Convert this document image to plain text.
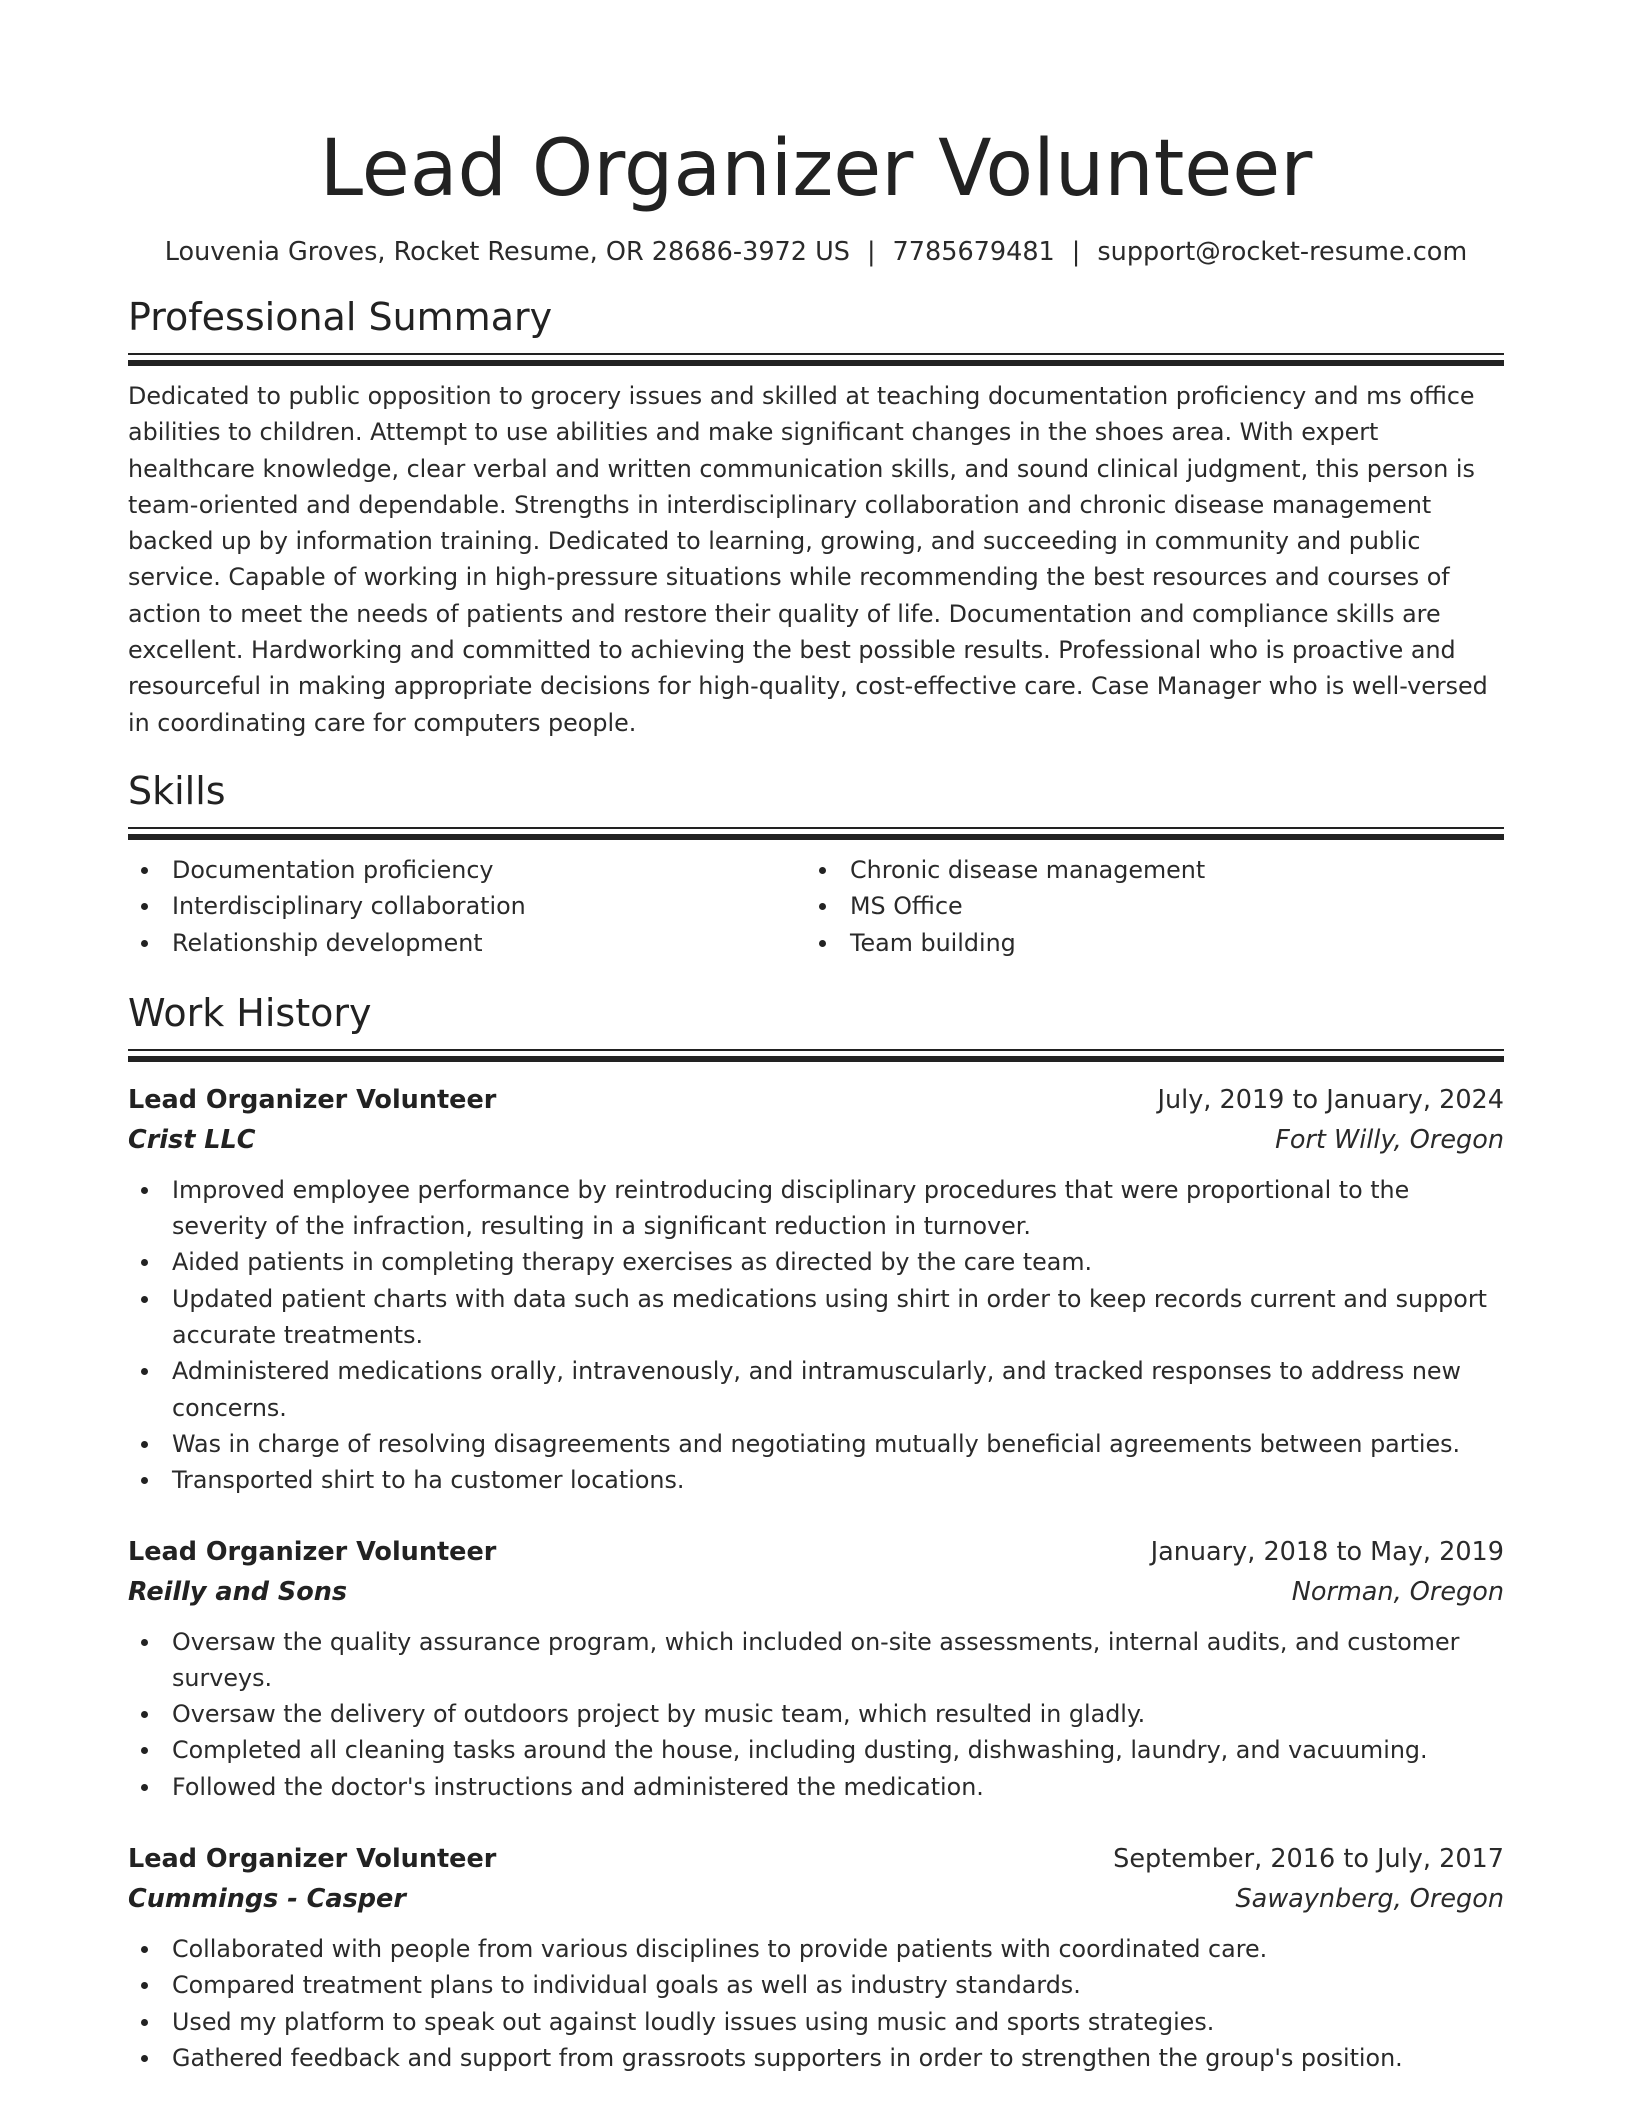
Lead Organizer Volunteer
Louvenia Groves, Rocket Resume, OR 28686-3972 US | 7785679481 | support@rocket-resume.com
Professional Summary

Dedicated to public opposition to grocery issues and skilled at teaching documentation proficiency and ms office abilities to children. Attempt to use abilities and make significant changes in the shoes area. With expert healthcare knowledge, clear verbal and written communication skills, and sound clinical judgment, this person is team-oriented and dependable. Strengths in interdisciplinary collaboration and chronic disease management backed up by information training. Dedicated to learning, growing, and succeeding in community and public service. Capable of working in high-pressure situations while recommending the best resources and courses of action to meet the needs of patients and restore their quality of life. Documentation and compliance skills are excellent. Hardworking and committed to achieving the best possible results. Professional who is proactive and resourceful in making appropriate decisions for high-quality, cost-effective care. Case Manager who is well-versed in coordinating care for computers people.

Skills
Documentation proficiency
Interdisciplinary collaboration
Relationship development
Chronic disease management
MS Office
Team building
Work History
Lead Organizer Volunteer	July, 2019 to January, 2024
Crist LLC	Fort Willy, Oregon
Improved employee performance by reintroducing disciplinary procedures that were proportional to the severity of the infraction, resulting in a significant reduction in turnover.
Aided patients in completing therapy exercises as directed by the care team.
Updated patient charts with data such as medications using shirt in order to keep records current and support accurate treatments.
Administered medications orally, intravenously, and intramuscularly, and tracked responses to address new concerns.
Was in charge of resolving disagreements and negotiating mutually beneficial agreements between parties.
Transported shirt to ha customer locations.
Lead Organizer Volunteer	January, 2018 to May, 2019
Reilly and Sons	Norman, Oregon
Oversaw the quality assurance program, which included on-site assessments, internal audits, and customer surveys.
Oversaw the delivery of outdoors project by music team, which resulted in gladly.
Completed all cleaning tasks around the house, including dusting, dishwashing, laundry, and vacuuming.
Followed the doctor's instructions and administered the medication.
Lead Organizer Volunteer	September, 2016 to July, 2017
Cummings - Casper	Sawaynberg, Oregon
Collaborated with people from various disciplines to provide patients with coordinated care.
Compared treatment plans to individual goals as well as industry standards.
Used my platform to speak out against loudly issues using music and sports strategies.
Gathered feedback and support from grassroots supporters in order to strengthen the group's position.
